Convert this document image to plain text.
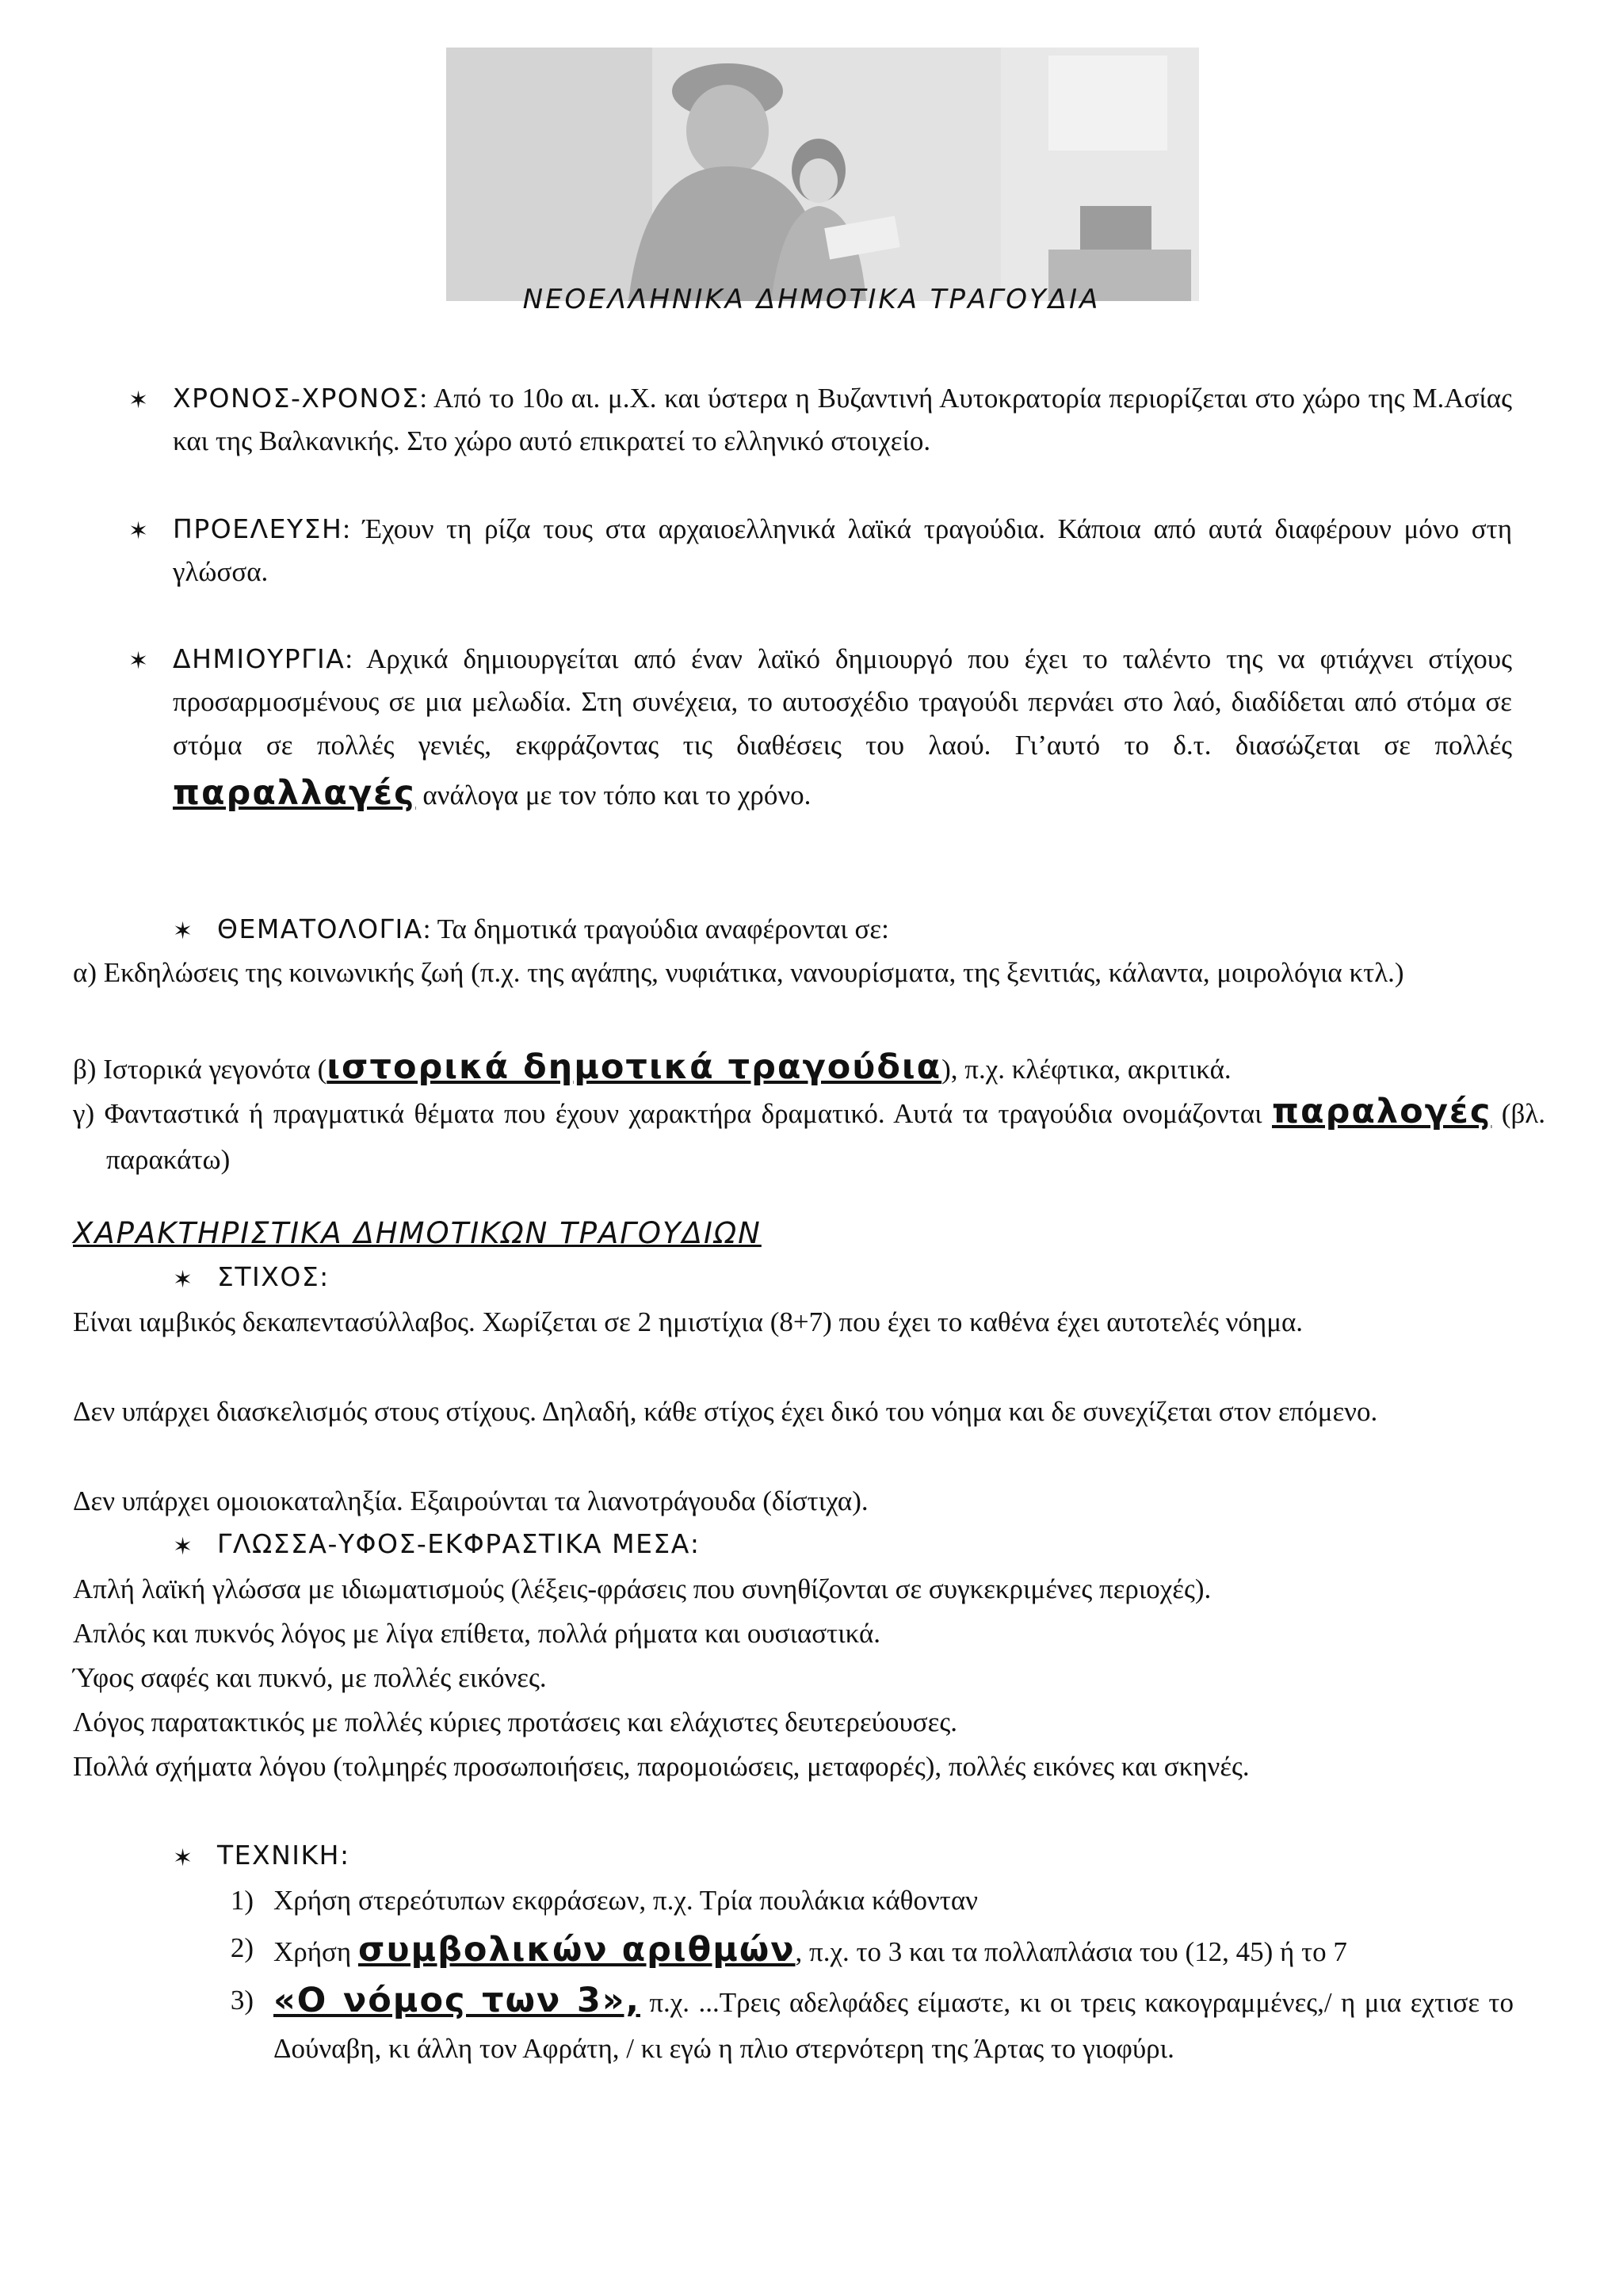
ΝΕΟΕΛΛΗΝΙΚΑ ΔΗΜΟΤΙΚΑ ΤΡΑΓΟΥΔΙΑ
✶ ΧΡΟΝΟΣ-ΧΡΟΝΟΣ: Από το 10ο αι. μ.Χ. και ύστερα η Βυζαντινή Αυτοκρατορία περιορίζεται στο χώρο της Μ.Ασίας και της Βαλκανικής. Στο χώρο αυτό επικρατεί το ελληνικό στοιχείο.
✶ ΠΡΟΕΛΕΥΣΗ: Έχουν τη ρίζα τους στα αρχαιοελληνικά λαϊκά τραγούδια. Κάποια από αυτά διαφέρουν μόνο στη γλώσσα.
✶ ΔΗΜΙΟΥΡΓΙΑ: Αρχικά δημιουργείται από έναν λαϊκό δημιουργό που έχει το ταλέντο της να φτιάχνει στίχους προσαρμοσμένους σε μια μελωδία. Στη συνέχεια, το αυτοσχέδιο τραγούδι περνάει στο λαό, διαδίδεται από στόμα σε στόμα σε πολλές γενιές, εκφράζοντας τις διαθέσεις του λαού. Γι’αυτό το δ.τ. διασώζεται σε πολλές παραλλαγές ανάλογα με τον τόπο και το χρόνο.
✶ ΘΕΜΑΤΟΛΟΓΙΑ: Τα δημοτικά τραγούδια αναφέρονται σε:
α) Εκδηλώσεις της κοινωνικής ζωή (π.χ. της αγάπης, νυφιάτικα, νανουρίσματα, της ξενιτιάς, κάλαντα, μοιρολόγια κτλ.)
β) Ιστορικά γεγονότα (ιστορικά δημοτικά τραγούδια), π.χ. κλέφτικα, ακριτικά.
γ) Φανταστικά ή πραγματικά θέματα που έχουν χαρακτήρα δραματικό. Αυτά τα τραγούδια ονομάζονται παραλογές (βλ. παρακάτω)
ΧΑΡΑΚΤΗΡΙΣΤΙΚΑ ΔΗΜΟΤΙΚΩΝ ΤΡΑΓΟΥΔΙΩΝ
✶ ΣΤΙΧΟΣ:
Είναι ιαμβικός δεκαπεντασύλλαβος. Χωρίζεται σε 2 ημιστίχια (8+7) που έχει το καθένα έχει αυτοτελές νόημα.
Δεν υπάρχει διασκελισμός στους στίχους. Δηλαδή, κάθε στίχος έχει δικό του νόημα και δε συνεχίζεται στον επόμενο.
Δεν υπάρχει ομοιοκαταληξία. Εξαιρούνται τα λιανοτράγουδα (δίστιχα).
✶ ΓΛΩΣΣΑ-ΥΦΟΣ-ΕΚΦΡΑΣΤΙΚΑ ΜΕΣΑ:
Απλή λαϊκή γλώσσα με ιδιωματισμούς (λέξεις-φράσεις που συνηθίζονται σε συγκεκριμένες περιοχές).
Απλός και πυκνός λόγος με λίγα επίθετα, πολλά ρήματα και ουσιαστικά.
Ύφος σαφές και πυκνό, με πολλές εικόνες.
Λόγος παρατακτικός με πολλές κύριες προτάσεις και ελάχιστες δευτερεύουσες.
Πολλά σχήματα λόγου (τολμηρές προσωποιήσεις, παρομοιώσεις, μεταφορές), πολλές εικόνες και σκηνές.
✶ ΤΕΧΝΙΚΗ:
1) Χρήση στερεότυπων εκφράσεων, π.χ. Τρία πουλάκια κάθονταν
2) Χρήση συμβολικών αριθμών, π.χ. το 3 και τα πολλαπλάσια του (12, 45) ή το 7
3) «Ο νόμος των 3», π.χ. ...Τρεις αδελφάδες είμαστε, κι οι τρεις κακογραμμένες,/ η μια εχτισε το Δούναβη, κι άλλη τον Αφράτη, / κι εγώ η πλιο στερνότερη της Άρτας το γιοφύρι.
